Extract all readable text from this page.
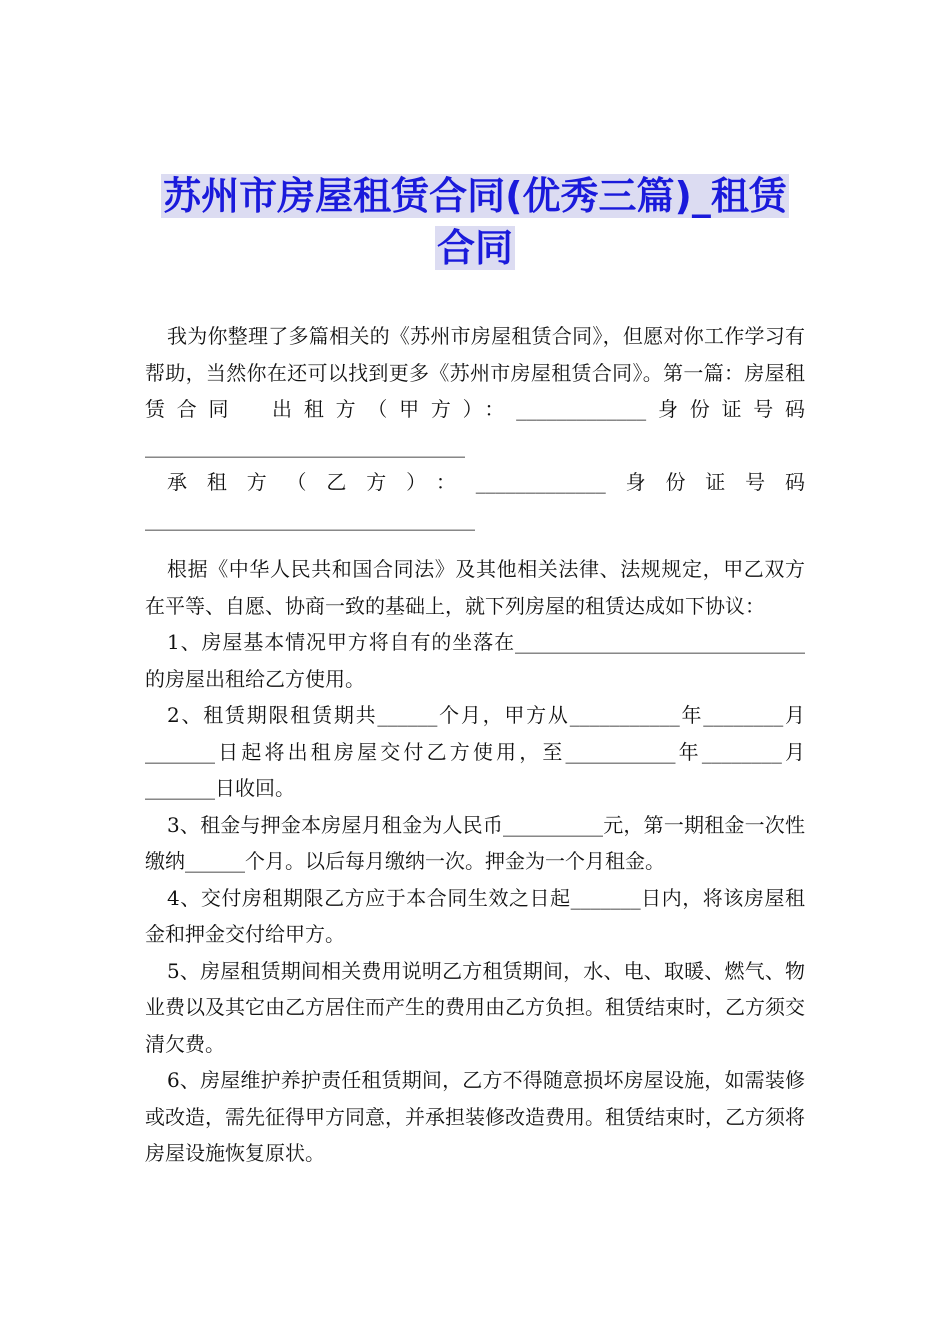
苏州市房屋租赁合同(优秀三篇)_租赁
合同

我为你整理了多篇相关的《苏州市房屋租赁合同》，但愿对你工作学习有帮助，当然你在还可以找到更多《苏州市房屋租赁合同》。第一篇：房屋租赁合同　出租方（甲方）：_____________身份证号码________________________________

承租方（乙方）：_____________身份证号码_________________________________

根据《中华人民共和国合同法》及其他相关法律、法规规定，甲乙双方在平等、自愿、协商一致的基础上，就下列房屋的租赁达成如下协议：

1、房屋基本情况甲方将自有的坐落在_____________________________的房屋出租给乙方使用。

2、租赁期限租赁期共______个月，甲方从___________年________月_______日起将出租房屋交付乙方使用，至___________年________月_______日收回。

3、租金与押金本房屋月租金为人民币__________元，第一期租金一次性缴纳______个月。以后每月缴纳一次。押金为一个月租金。

4、交付房租期限乙方应于本合同生效之日起_______日内，将该房屋租金和押金交付给甲方。

5、房屋租赁期间相关费用说明乙方租赁期间，水、电、取暖、燃气、物业费以及其它由乙方居住而产生的费用由乙方负担。租赁结束时，乙方须交清欠费。

6、房屋维护养护责任租赁期间，乙方不得随意损坏房屋设施，如需装修或改造，需先征得甲方同意，并承担装修改造费用。租赁结束时，乙方须将房屋设施恢复原状。
